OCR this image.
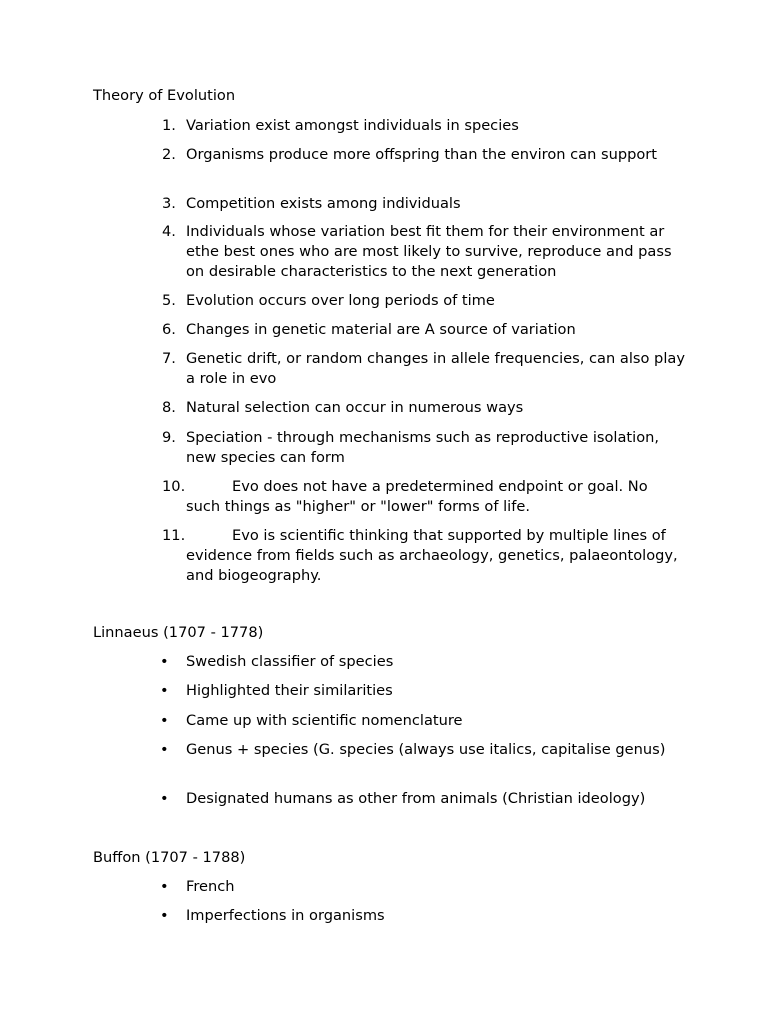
Theory of Evolution
1. Variation exist amongst individuals in species
2. Organisms produce more offspring than the environ can support
3. Competition exists among individuals
4. Individuals whose variation best fit them for their environment ar ethe best ones who are most likely to survive, reproduce and pass on desirable characteristics to the next generation
5. Evolution occurs over long periods of time
6. Changes in genetic material are A source of variation
7. Genetic drift, or random changes in allele frequencies, can also play a role in evo
8. Natural selection can occur in numerous ways
9. Speciation - through mechanisms such as reproductive isolation, new species can form
10.	Evo does not have a predetermined endpoint or goal. No such things as "higher" or "lower" forms of life.
11.	Evo is scientific thinking that supported by multiple lines of evidence from fields such as archaeology, genetics, palaeontology, and biogeography.
Linnaeus (1707 - 1778)
• Swedish classifier of species
• Highlighted their similarities
• Came up with scientific nomenclature
• Genus + species (G. species (always use italics, capitalise genus)
• Designated humans as other from animals (Christian ideology)
Buffon (1707 - 1788)
• French
• Imperfections in organisms
